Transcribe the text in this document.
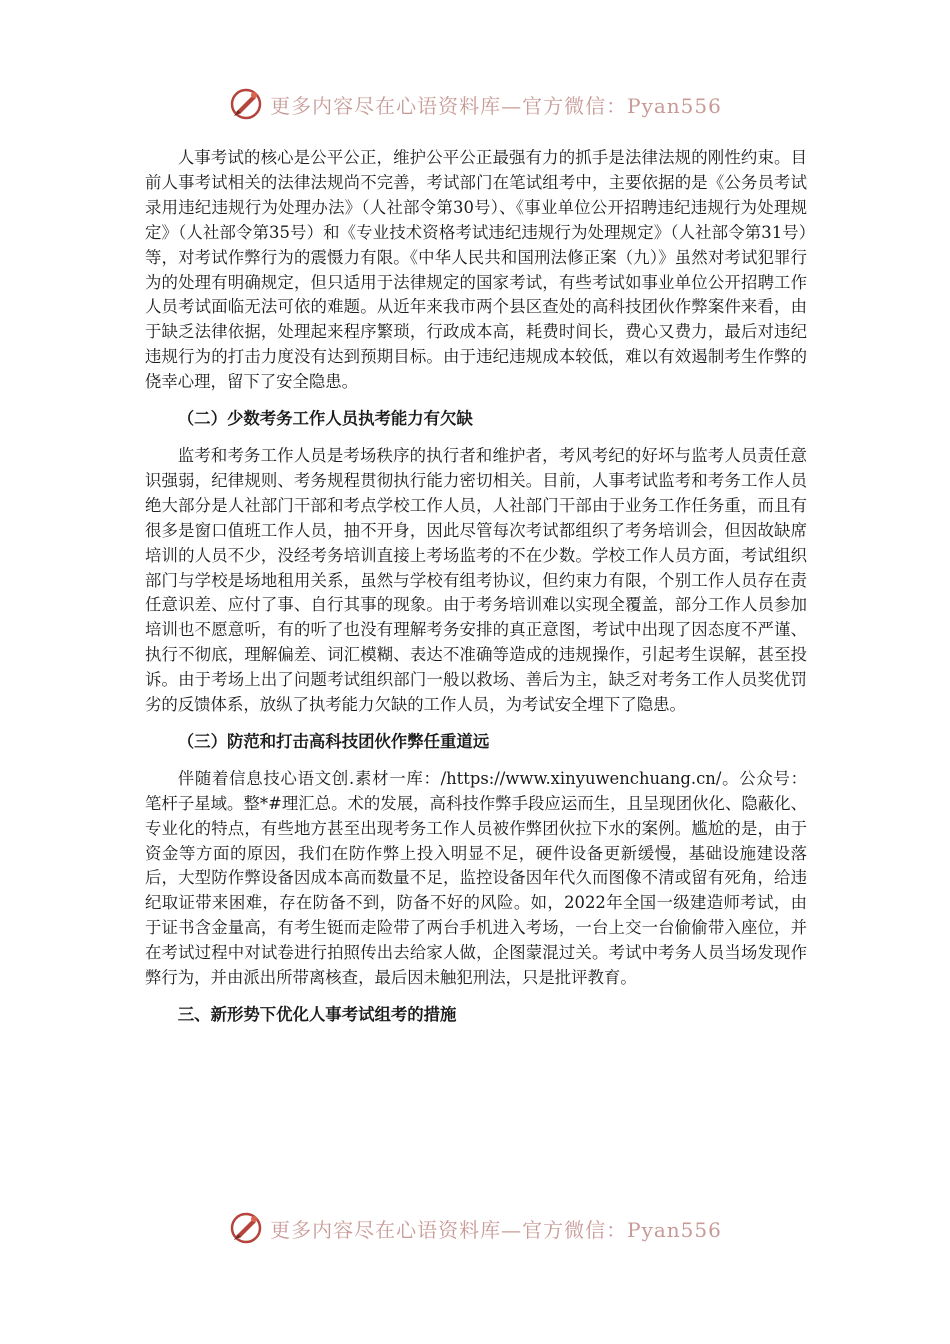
更多内容尽在心语资料库—官方微信：Pyan556

人事考试的核心是公平公正，维护公平公正最强有力的抓手是法律法规的刚性约束。目前人事考试相关的法律法规尚不完善，考试部门在笔试组考中，主要依据的是《公务员考试录用违纪违规行为处理办法》（人社部令第30号）、《事业单位公开招聘违纪违规行为处理规定》（人社部令第35号）和《专业技术资格考试违纪违规行为处理规定》（人社部令第31号）等，对考试作弊行为的震慑力有限。《中华人民共和国刑法修正案（九）》虽然对考试犯罪行为的处理有明确规定，但只适用于法律规定的国家考试，有些考试如事业单位公开招聘工作人员考试面临无法可依的难题。从近年来我市两个县区查处的高科技团伙作弊案件来看，由于缺乏法律依据，处理起来程序繁琐，行政成本高，耗费时间长，费心又费力，最后对违纪违规行为的打击力度没有达到预期目标。由于违纪违规成本较低，难以有效遏制考生作弊的侥幸心理，留下了安全隐患。

（二）少数考务工作人员执考能力有欠缺

监考和考务工作人员是考场秩序的执行者和维护者，考风考纪的好坏与监考人员责任意识强弱，纪律规则、考务规程贯彻执行能力密切相关。目前，人事考试监考和考务工作人员绝大部分是人社部门干部和考点学校工作人员，人社部门干部由于业务工作任务重，而且有很多是窗口值班工作人员，抽不开身，因此尽管每次考试都组织了考务培训会，但因故缺席培训的人员不少，没经考务培训直接上考场监考的不在少数。学校工作人员方面，考试组织部门与学校是场地租用关系，虽然与学校有组考协议，但约束力有限，个别工作人员存在责任意识差、应付了事、自行其事的现象。由于考务培训难以实现全覆盖，部分工作人员参加培训也不愿意听，有的听了也没有理解考务安排的真正意图，考试中出现了因态度不严谨、执行不彻底，理解偏差、词汇模糊、表达不准确等造成的违规操作，引起考生误解，甚至投诉。由于考场上出了问题考试组织部门一般以救场、善后为主，缺乏对考务工作人员奖优罚劣的反馈体系，放纵了执考能力欠缺的工作人员，为考试安全埋下了隐患。

（三）防范和打击高科技团伙作弊任重道远

伴随着信息技心语文创.素材一库：/https://www.xinyuwenchuang.cn/。公众号：笔杆子星域。整*#理汇总。术的发展，高科技作弊手段应运而生，且呈现团伙化、隐蔽化、专业化的特点，有些地方甚至出现考务工作人员被作弊团伙拉下水的案例。尴尬的是，由于资金等方面的原因，我们在防作弊上投入明显不足，硬件设备更新缓慢，基础设施建设落后，大型防作弊设备因成本高而数量不足，监控设备因年代久而图像不清或留有死角，给违纪取证带来困难，存在防备不到，防备不好的风险。如，2022年全国一级建造师考试，由于证书含金量高，有考生铤而走险带了两台手机进入考场，一台上交一台偷偷带入座位，并在考试过程中对试卷进行拍照传出去给家人做，企图蒙混过关。考试中考务人员当场发现作弊行为，并由派出所带离核查，最后因未触犯刑法，只是批评教育。

三、新形势下优化人事考试组考的措施

更多内容尽在心语资料库—官方微信：Pyan556
